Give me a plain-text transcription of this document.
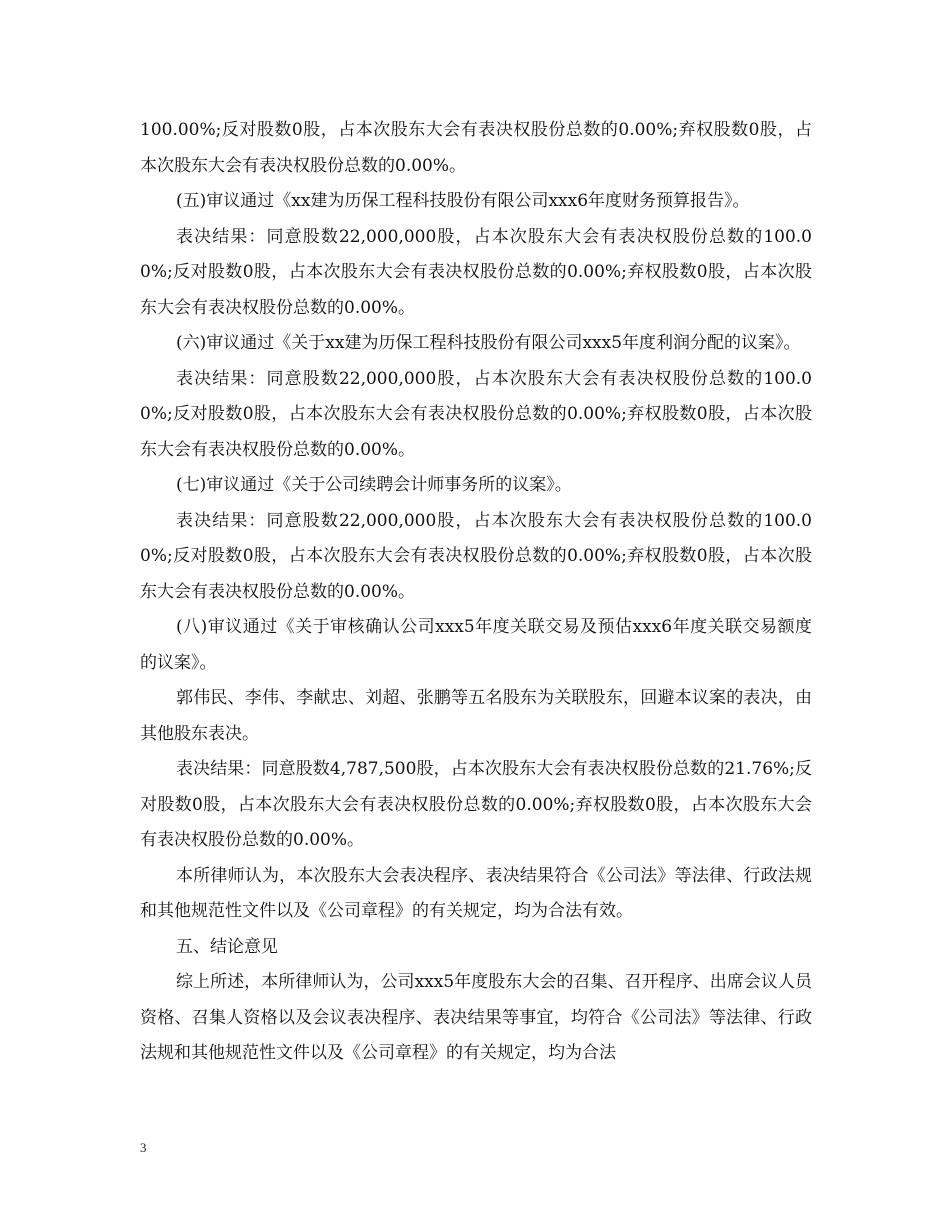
100.00%;反对股数0股，占本次股东大会有表决权股份总数的0.00%;弃权股数0股，占本次股东大会有表决权股份总数的0.00%。

(五)审议通过《xx建为历保工程科技股份有限公司xxx6年度财务预算报告》。

表决结果：同意股数22,000,000股，占本次股东大会有表决权股份总数的100.00%;反对股数0股，占本次股东大会有表决权股份总数的0.00%;弃权股数0股，占本次股东大会有表决权股份总数的0.00%。

(六)审议通过《关于xx建为历保工程科技股份有限公司xxx5年度利润分配的议案》。

表决结果：同意股数22,000,000股，占本次股东大会有表决权股份总数的100.00%;反对股数0股，占本次股东大会有表决权股份总数的0.00%;弃权股数0股，占本次股东大会有表决权股份总数的0.00%。

(七)审议通过《关于公司续聘会计师事务所的议案》。

表决结果：同意股数22,000,000股，占本次股东大会有表决权股份总数的100.00%;反对股数0股，占本次股东大会有表决权股份总数的0.00%;弃权股数0股，占本次股东大会有表决权股份总数的0.00%。

(八)审议通过《关于审核确认公司xxx5年度关联交易及预估xxx6年度关联交易额度的议案》。

郭伟民、李伟、李献忠、刘超、张鹏等五名股东为关联股东，回避本议案的表决，由其他股东表决。

表决结果：同意股数4,787,500股，占本次股东大会有表决权股份总数的21.76%;反对股数0股，占本次股东大会有表决权股份总数的0.00%;弃权股数0股，占本次股东大会有表决权股份总数的0.00%。

本所律师认为，本次股东大会表决程序、表决结果符合《公司法》等法律、行政法规和其他规范性文件以及《公司章程》的有关规定，均为合法有效。

五、结论意见

综上所述，本所律师认为，公司xxx5年度股东大会的召集、召开程序、出席会议人员资格、召集人资格以及会议表决程序、表决结果等事宜，均符合《公司法》等法律、行政法规和其他规范性文件以及《公司章程》的有关规定，均为合法

3
